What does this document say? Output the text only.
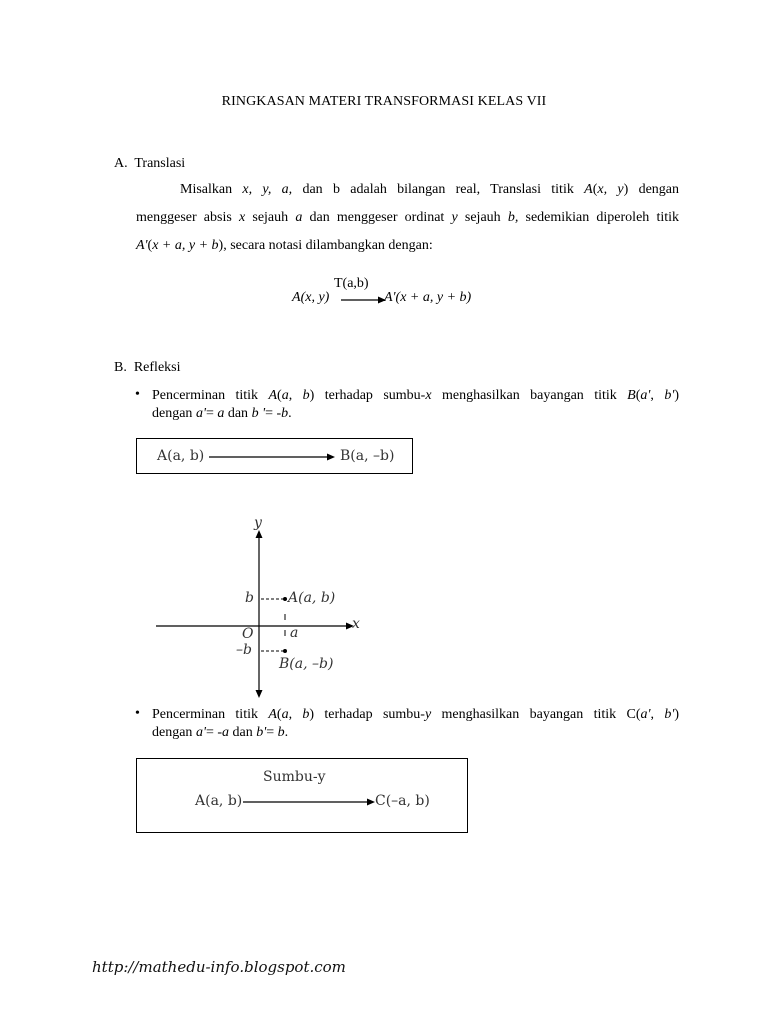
RINGKASAN MATERI TRANSFORMASI KELAS VII
A.  Translasi
Misalkan x, y, a, dan b adalah bilangan real, Translasi titik A(x, y) dengan
menggeser absis x sejauh a dan menggeser ordinat y sejauh b, sedemikian diperoleh titik
A'(x + a, y + b), secara notasi dilambangkan dengan:
T(a,b)
A(x, y)	A'(x + a, y + b)
B.  Refleksi
• Pencerminan titik A(a, b) terhadap sumbu-x menghasilkan bayangan titik B(a', b')
dengan a'= a dan b '= -b.
A(a, b)	B(a, –b)
y
x
O
b
–b
a
A(a, b)
B(a, –b)
• Pencerminan titik A(a, b) terhadap sumbu-y menghasilkan bayangan titik C(a', b')
dengan a'= -a dan b'= b.
Sumbu-y
A(a, b)	C(–a, b)
http://mathedu-info.blogspot.com
